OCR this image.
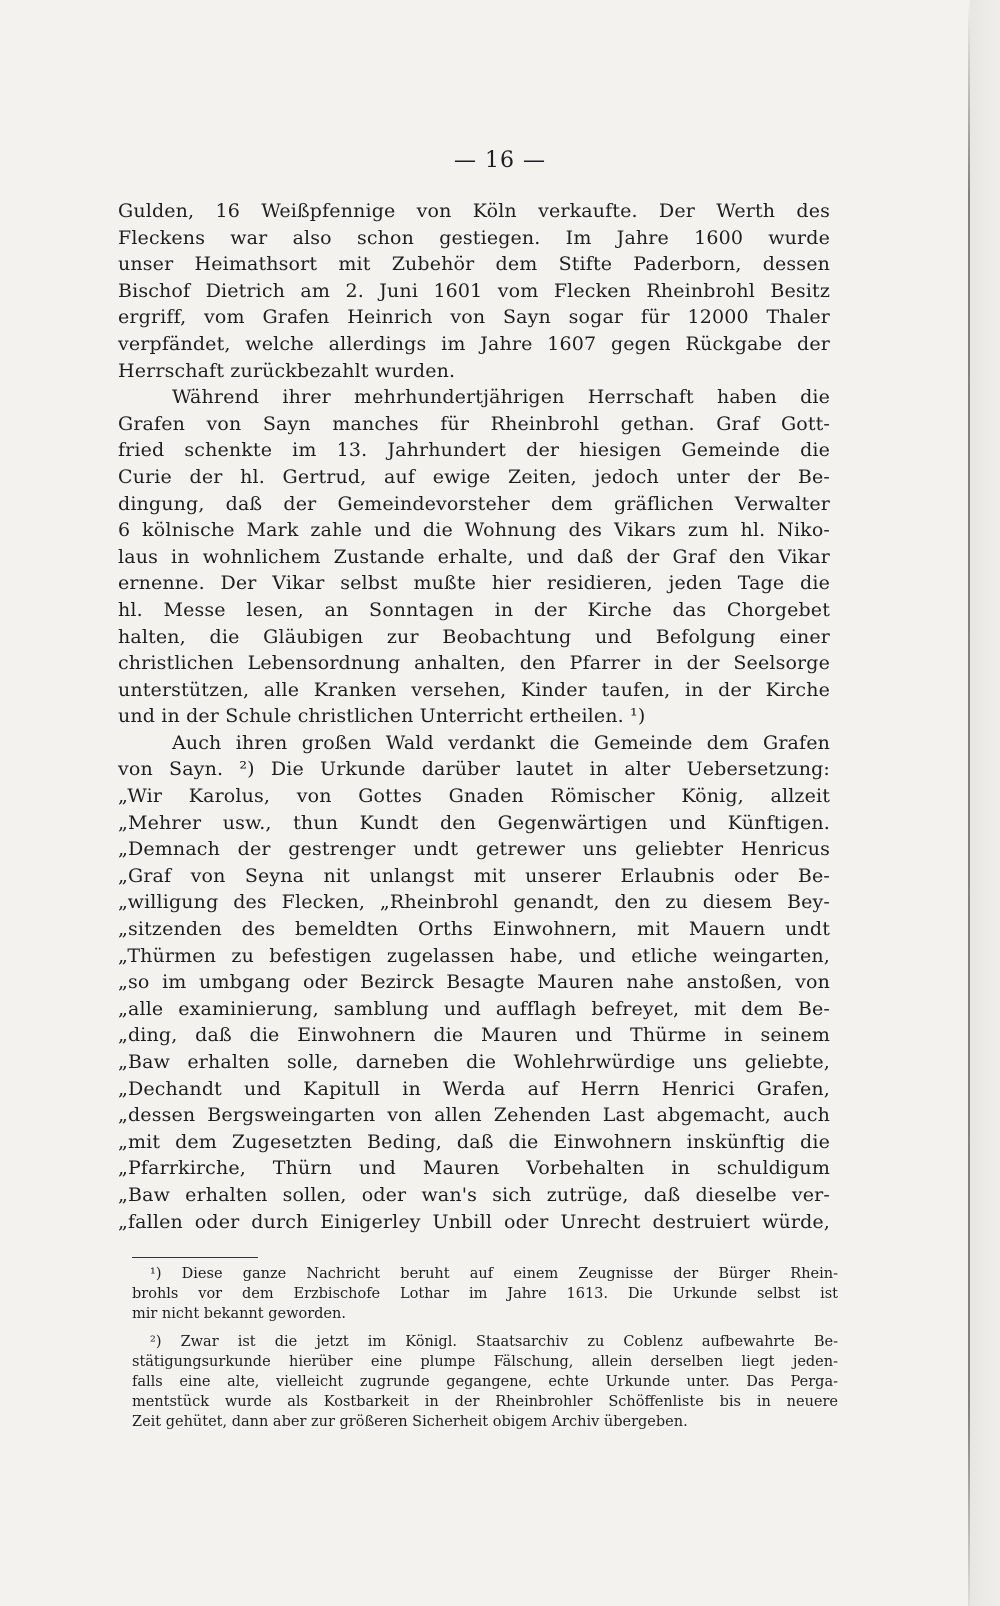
— 16 —
Gulden, 16 Weißpfennige von Köln verkaufte. Der Werth des
Fleckens war also schon gestiegen. Im Jahre 1600 wurde
unser Heimathsort mit Zubehör dem Stifte Paderborn, dessen
Bischof Dietrich am 2. Juni 1601 vom Flecken Rheinbrohl Besitz
ergriff, vom Grafen Heinrich von Sayn sogar für 12000 Thaler
verpfändet, welche allerdings im Jahre 1607 gegen Rückgabe der
Herrschaft zurückbezahlt wurden.
Während ihrer mehrhundertjährigen Herrschaft haben die
Grafen von Sayn manches für Rheinbrohl gethan. Graf Gott-
fried schenkte im 13. Jahrhundert der hiesigen Gemeinde die
Curie der hl. Gertrud, auf ewige Zeiten, jedoch unter der Be-
dingung, daß der Gemeindevorsteher dem gräflichen Verwalter
6 kölnische Mark zahle und die Wohnung des Vikars zum hl. Niko-
laus in wohnlichem Zustande erhalte, und daß der Graf den Vikar
ernenne. Der Vikar selbst mußte hier residieren, jeden Tage die
hl. Messe lesen, an Sonntagen in der Kirche das Chorgebet
halten, die Gläubigen zur Beobachtung und Befolgung einer
christlichen Lebensordnung anhalten, den Pfarrer in der Seelsorge
unterstützen, alle Kranken versehen, Kinder taufen, in der Kirche
und in der Schule christlichen Unterricht ertheilen. ¹)
Auch ihren großen Wald verdankt die Gemeinde dem Grafen
von Sayn. ²) Die Urkunde darüber lautet in alter Uebersetzung:
„Wir Karolus, von Gottes Gnaden Römischer König, allzeit
„Mehrer usw., thun Kundt den Gegenwärtigen und Künftigen.
„Demnach der gestrenger undt getrewer uns geliebter Henricus
„Graf von Seyna nit unlangst mit unserer Erlaubnis oder Be-
„willigung des Flecken, „Rheinbrohl genandt, den zu diesem Bey-
„sitzenden des bemeldten Orths Einwohnern, mit Mauern undt
„Thürmen zu befestigen zugelassen habe, und etliche weingarten,
„so im umbgang oder Bezirck Besagte Mauren nahe anstoßen, von
„alle examinierung, samblung und aufflagh befreyet, mit dem Be-
„ding, daß die Einwohnern die Mauren und Thürme in seinem
„Baw erhalten solle, darneben die Wohlehrwürdige uns geliebte,
„Dechandt und Kapitull in Werda auf Herrn Henrici Grafen,
„dessen Bergsweingarten von allen Zehenden Last abgemacht, auch
„mit dem Zugesetzten Beding, daß die Einwohnern inskünftig die
„Pfarrkirche, Thürn und Mauren Vorbehalten in schuldigum
„Baw erhalten sollen, oder wan's sich zutrüge, daß dieselbe ver-
„fallen oder durch Einigerley Unbill oder Unrecht destruiert würde,
¹) Diese ganze Nachricht beruht auf einem Zeugnisse der Bürger Rhein-
brohls vor dem Erzbischofe Lothar im Jahre 1613. Die Urkunde selbst ist
mir nicht bekannt geworden.
²) Zwar ist die jetzt im Königl. Staatsarchiv zu Coblenz aufbewahrte Be-
stätigungsurkunde hierüber eine plumpe Fälschung, allein derselben liegt jeden-
falls eine alte, vielleicht zugrunde gegangene, echte Urkunde unter. Das Perga-
mentstück wurde als Kostbarkeit in der Rheinbrohler Schöffenliste bis in neuere
Zeit gehütet, dann aber zur größeren Sicherheit obigem Archiv übergeben.
